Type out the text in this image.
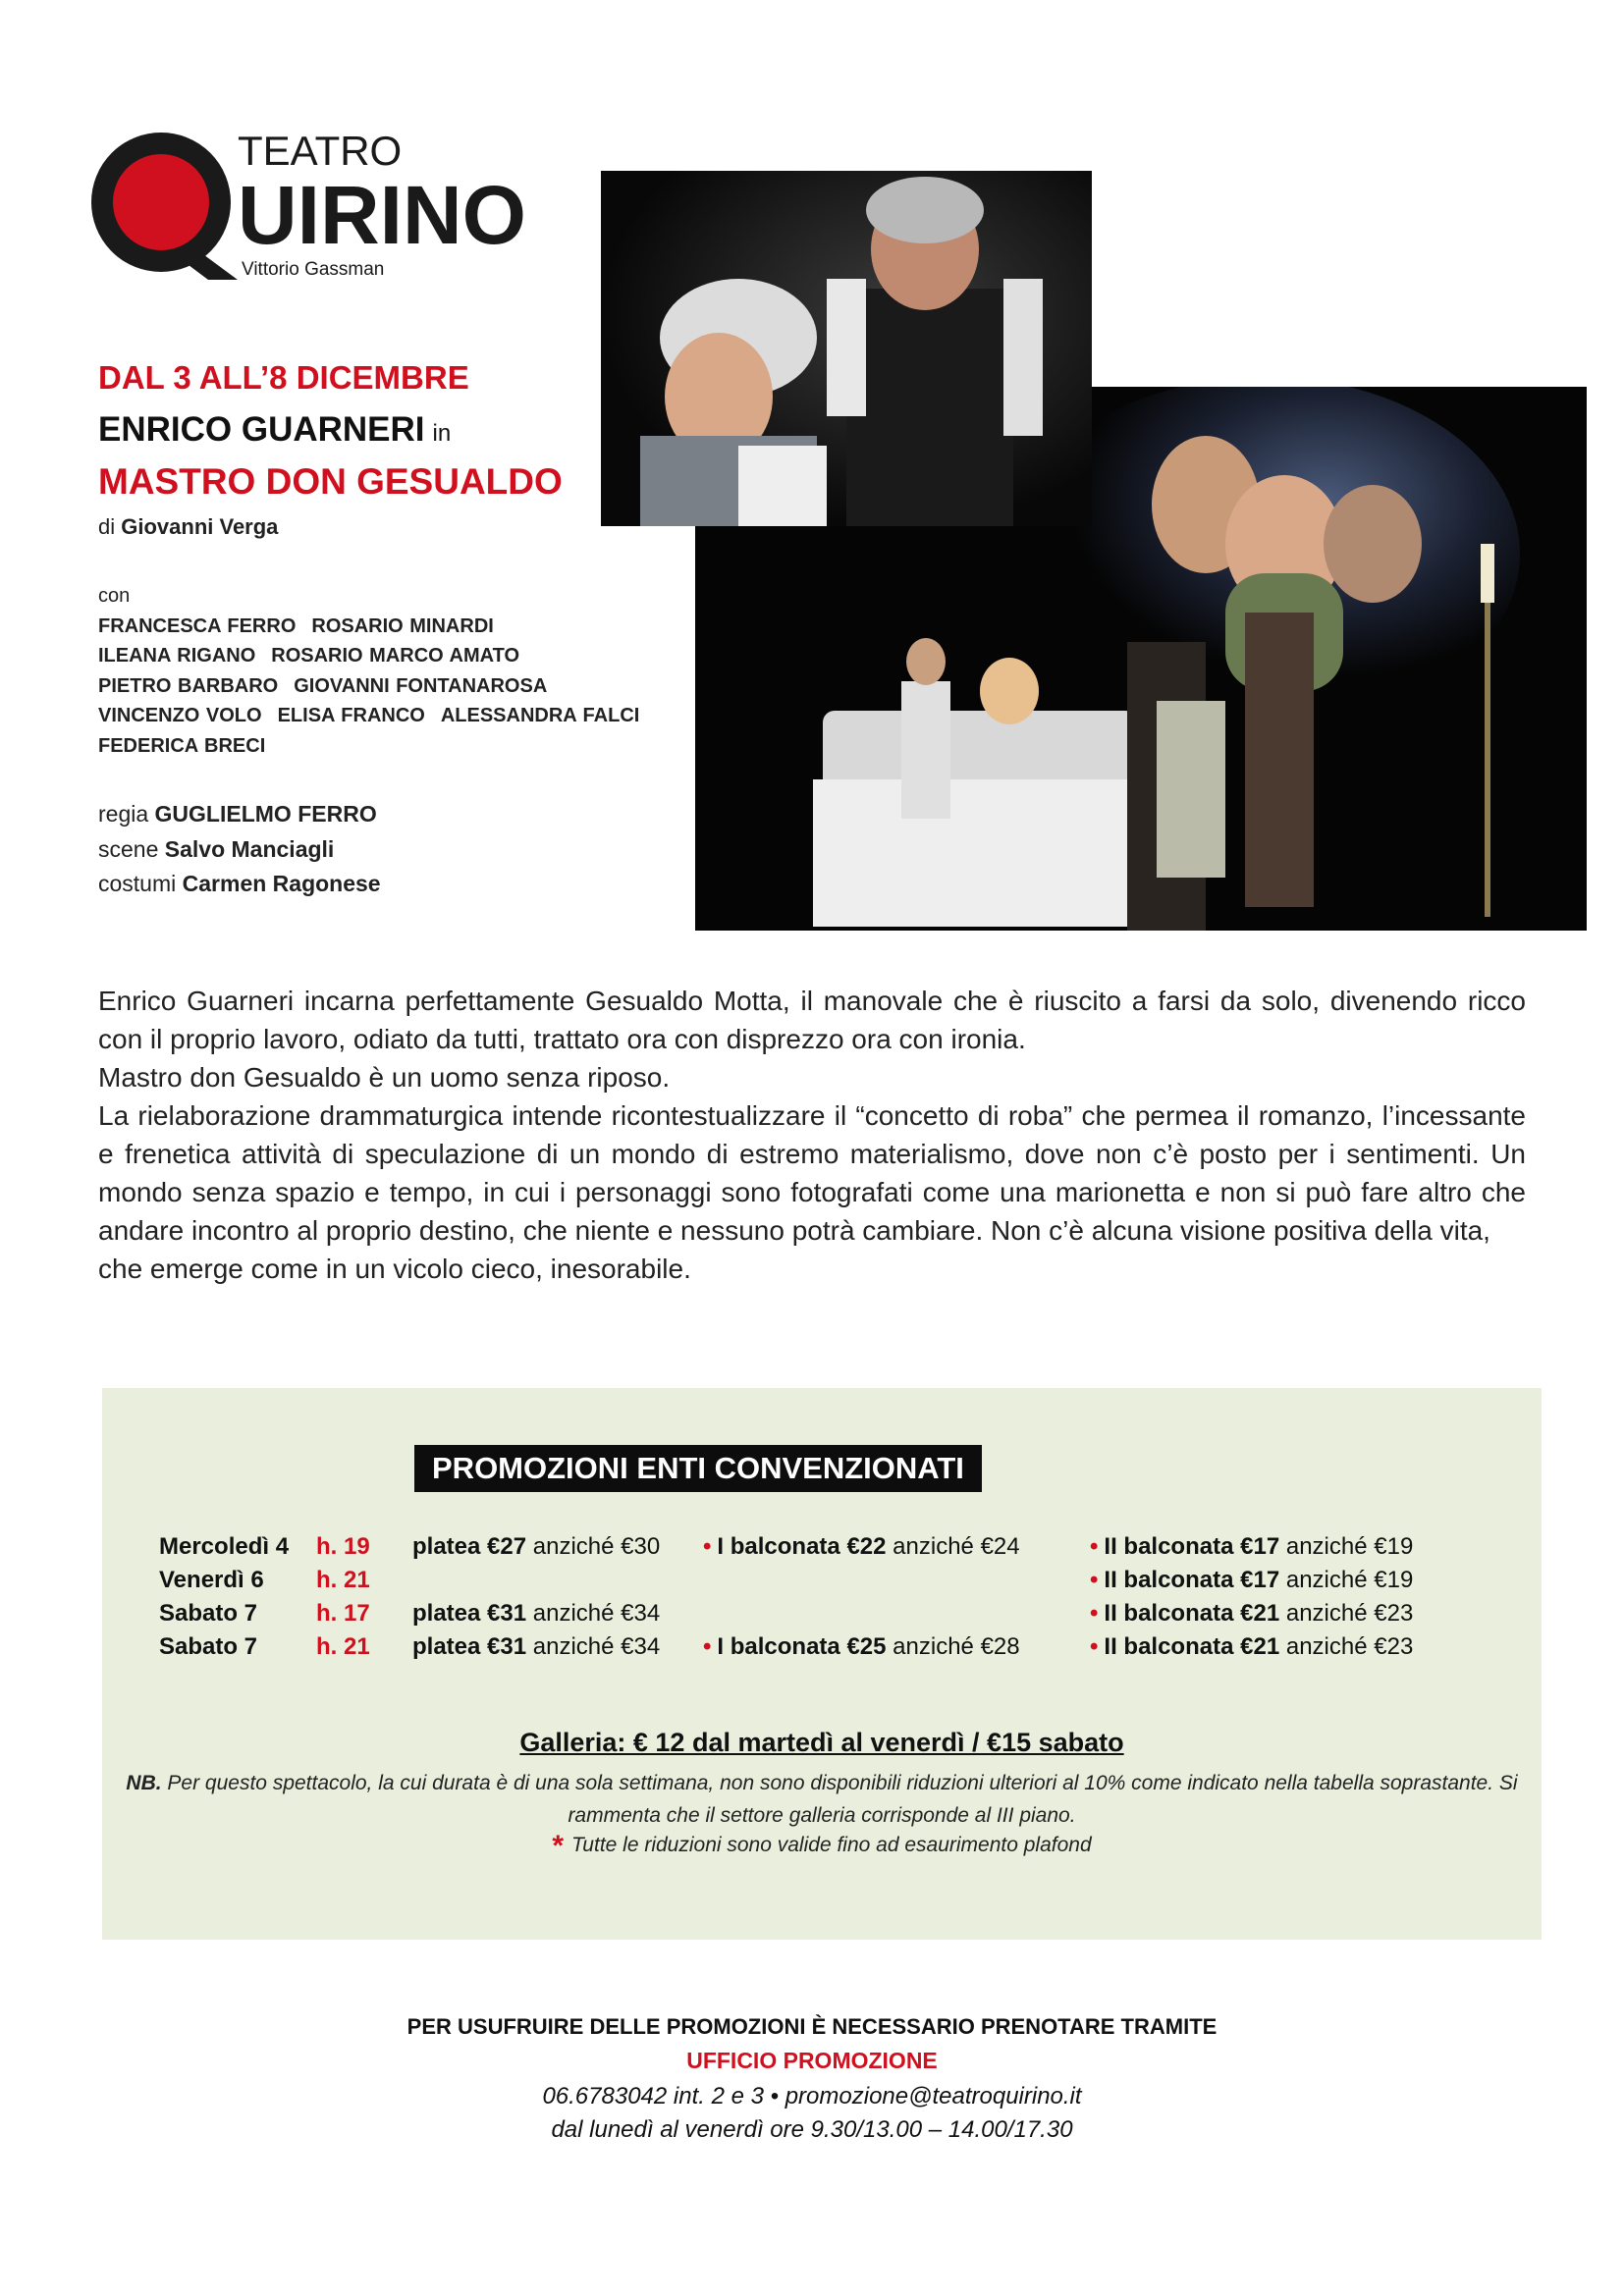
TEATRO
UIRINO
Vittorio Gassman
DAL 3 ALL’8 DICEMBRE
ENRICO GUARNERI in
MASTRO DON GESUALDO
di Giovanni Verga
con
FRANCESCA FERRO ROSARIO MINARDI
ILEANA RIGANO ROSARIO MARCO AMATO
PIETRO BARBARO GIOVANNI FONTANAROSA
VINCENZO VOLO ELISA FRANCO ALESSANDRA FALCI
FEDERICA BRECI
regia GUGLIELMO FERRO
scene Salvo Manciagli
costumi Carmen Ragonese

Enrico Guarneri incarna perfettamente Gesualdo Motta, il manovale che è riuscito a farsi da solo, divenendo ricco con il proprio lavoro, odiato da tutti, trattato ora con disprezzo ora con ironia.

Mastro don Gesualdo è un uomo senza riposo.

La rielaborazione drammaturgica intende ricontestualizzare il “concetto di roba” che permea il romanzo, l’incessante e frenetica attività di speculazione di un mondo di estremo materialismo, dove non c’è posto per i sentimenti. Un mondo senza spazio e tempo, in cui i personaggi sono fotografati come una marionetta e non si può fare altro che andare incontro al proprio destino, che niente e nessuno potrà cambiare. Non c’è alcuna visione positiva della vita,

che emerge come in un vicolo cieco, inesorabile.

Mercoledì 4 h. 19 platea €27 anziché €30 • I balconata €22 anziché €24	• II balconata €17 anziché €19
Venerdì 6 h. 21	• II balconata €17 anziché €19
Sabato 7 h. 17 platea €31 anziché €34	• II balconata €21 anziché €23
Sabato 7 h. 21 platea €31 anziché €34 • I balconata €25 anziché €28	• II balconata €21 anziché €23
PROMOZIONI ENTI CONVENZIONATI
Galleria: € 12 dal martedì al venerdì / €15 sabato
NB. Per questo spettacolo, la cui durata è di una sola settimana, non sono disponibili riduzioni ulteriori al 10% come indicato nella tabella soprastante. Si rammenta che il settore galleria corrisponde al III piano.
* Tutte le riduzioni sono valide fino ad esaurimento plafond
PER USUFRUIRE DELLE PROMOZIONI È NECESSARIO PRENOTARE TRAMITE
UFFICIO PROMOZIONE
06.6783042 int. 2 e 3 • promozione@teatroquirino.it
dal lunedì al venerdì ore 9.30/13.00 – 14.00/17.30
